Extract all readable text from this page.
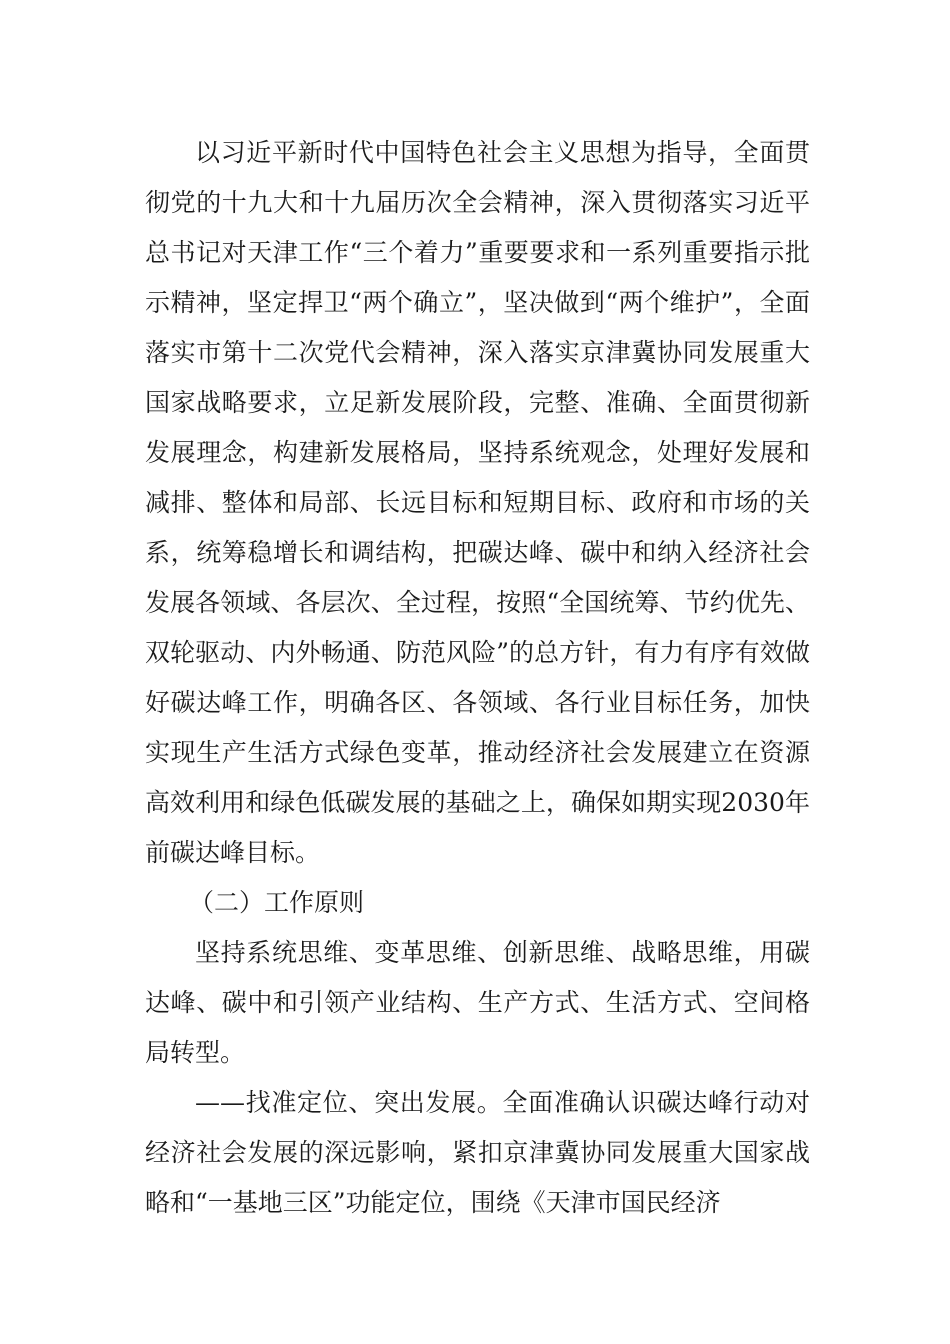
以习近平新时代中国特色社会主义思想为指导，全面贯彻党的十九大和十九届历次全会精神，深入贯彻落实习近平总书记对天津工作“三个着力”重要要求和一系列重要指示批示精神，坚定捍卫“两个确立”，坚决做到“两个维护”，全面落实市第十二次党代会精神，深入落实京津冀协同发展重大国家战略要求，立足新发展阶段，完整、准确、全面贯彻新发展理念，构建新发展格局，坚持系统观念，处理好发展和减排、整体和局部、长远目标和短期目标、政府和市场的关系，统筹稳增长和调结构，把碳达峰、碳中和纳入经济社会发展各领域、各层次、全过程，按照“全国统筹、节约优先、双轮驱动、内外畅通、防范风险”的总方针，有力有序有效做好碳达峰工作，明确各区、各领域、各行业目标任务，加快实现生产生活方式绿色变革，推动经济社会发展建立在资源高效利用和绿色低碳发展的基础之上，确保如期实现2030年前碳达峰目标。

（二）工作原则

坚持系统思维、变革思维、创新思维、战略思维，用碳达峰、碳中和引领产业结构、生产方式、生活方式、空间格局转型。

——找准定位、突出发展。全面准确认识碳达峰行动对经济社会发展的深远影响，紧扣京津冀协同发展重大国家战略和“一基地三区”功能定位，围绕《天津市国民经济
